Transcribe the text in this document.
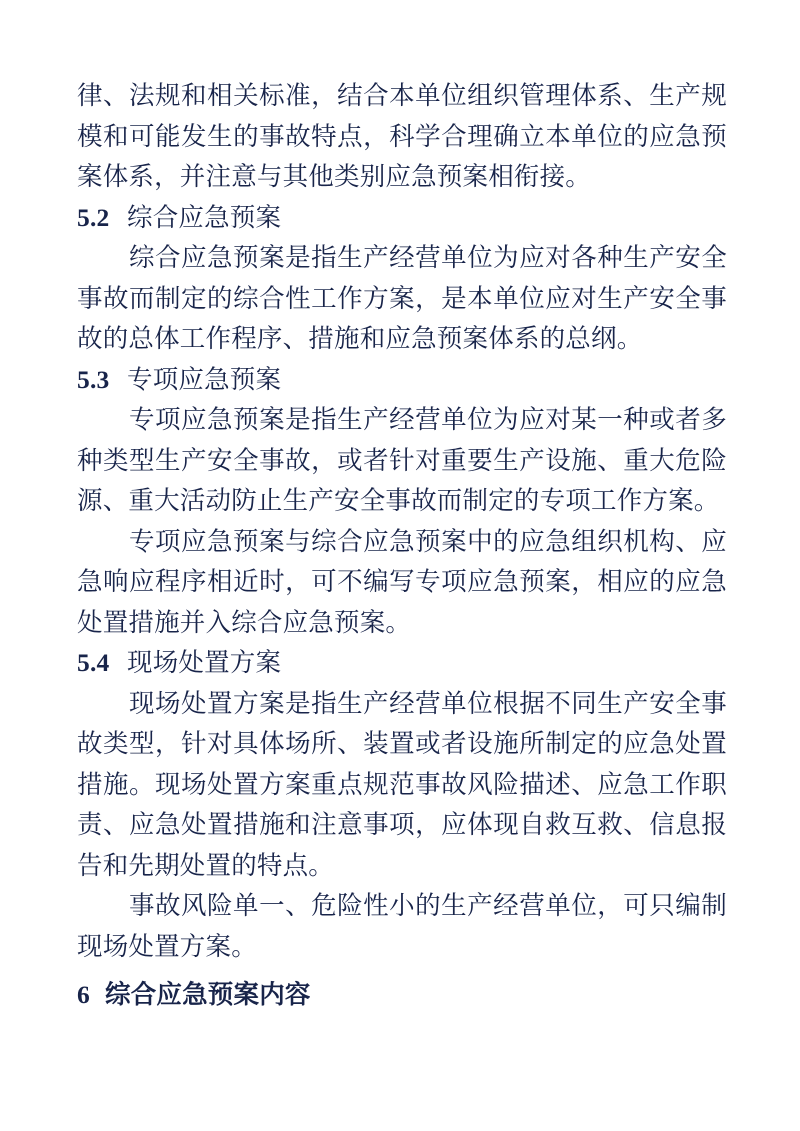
律、法规和相关标准，结合本单位组织管理体系、生产规模和可能发生的事故特点，科学合理确立本单位的应急预案体系，并注意与其他类别应急预案相衔接。

5.2 综合应急预案

综合应急预案是指生产经营单位为应对各种生产安全事故而制定的综合性工作方案，是本单位应对生产安全事故的总体工作程序、措施和应急预案体系的总纲。

5.3 专项应急预案

专项应急预案是指生产经营单位为应对某一种或者多种类型生产安全事故，或者针对重要生产设施、重大危险源、重大活动防止生产安全事故而制定的专项工作方案。

专项应急预案与综合应急预案中的应急组织机构、应急响应程序相近时，可不编写专项应急预案，相应的应急处置措施并入综合应急预案。

5.4 现场处置方案

现场处置方案是指生产经营单位根据不同生产安全事故类型，针对具体场所、装置或者设施所制定的应急处置措施。现场处置方案重点规范事故风险描述、应急工作职责、应急处置措施和注意事项，应体现自救互救、信息报告和先期处置的特点。

事故风险单一、危险性小的生产经营单位，可只编制现场处置方案。

6 综合应急预案内容
